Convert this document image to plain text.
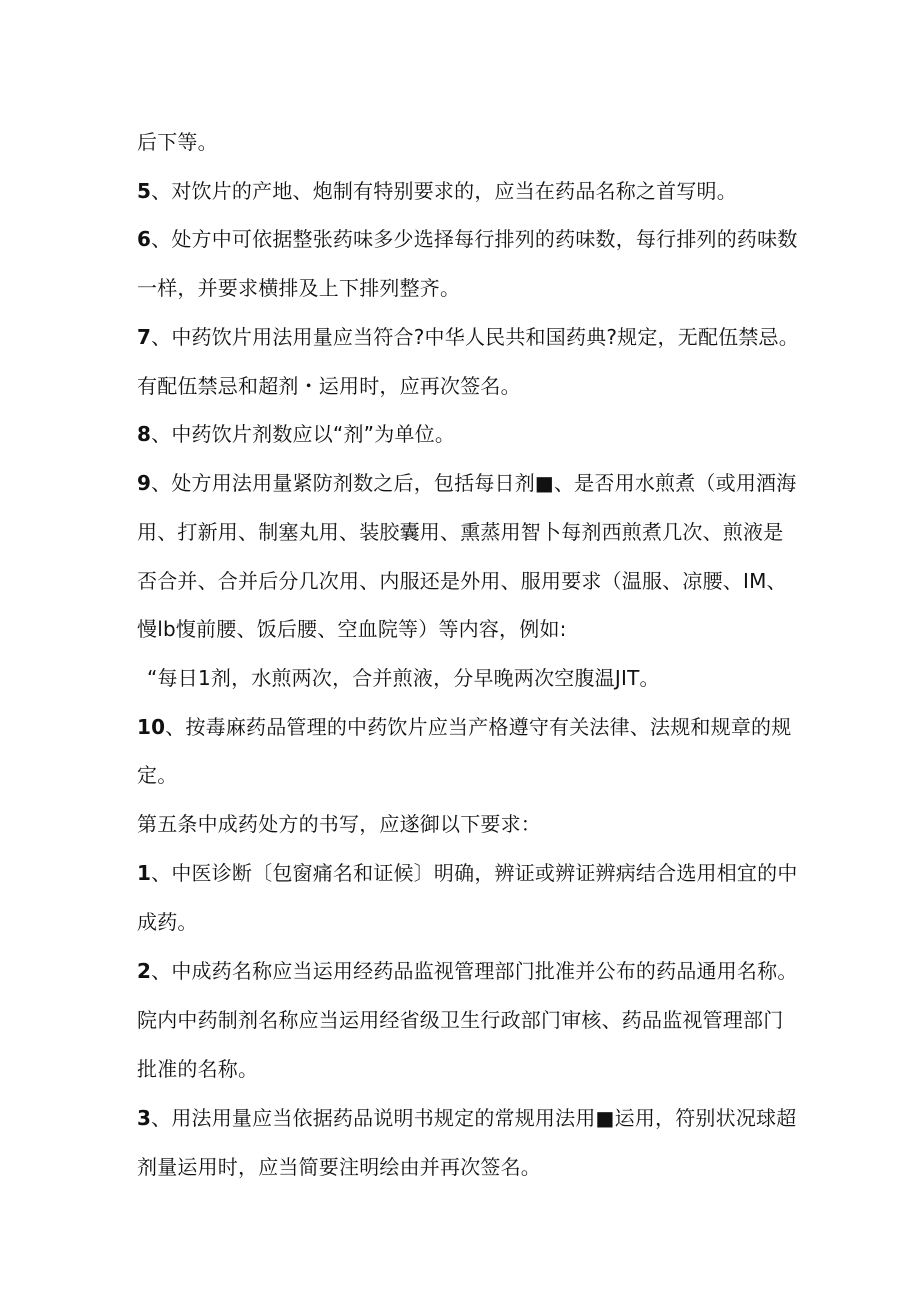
后下等。
5、对饮片的产地、炮制有特别要求的，应当在药品名称之首写明。
6、处方中可依据整张药味多少选择每行排列的药味数，每行排列的药味数
一样，并要求横排及上下排列整齐。
7、中药饮片用法用量应当符合?中华人民共和国药典?规定，无配伍禁忌。
有配伍禁忌和超剂・运用时，应再次签名。
8、中药饮片剂数应以“剂”为单位。
9、处方用法用量紧防剂数之后，包括每日剂■、是否用水煎煮（或用酒海
用、打新用、制塞丸用、装胶囊用、熏蒸用智卜每剂西煎煮几次、煎液是
否合并、合并后分几次用、内服还是外用、服用要求（温服、凉腰、IM、
慢lb愎前腰、饭后腰、空血院等）等内容，例如:
“每日1剂，水煎两次，合并煎液，分早晚两次空腹温JIT。
10、按毒麻药品管理的中药饮片应当产格遵守有关法律、法规和规章的规
定。
第五条中成药处方的书写，应遂御以下要求：
1、中医诊断〔包窗痛名和证候〕明确，辨证或辨证辨病结合选用相宜的中
成药。
2、中成药名称应当运用经药品监视管理部门批准并公布的药品通用名称。
院内中药制剂名称应当运用经省级卫生行政部门审核、药品监视管理部门
批准的名称。
3、用法用量应当依据药品说明书规定的常规用法用■运用，符别状况球超
剂量运用时，应当简要注明绘由并再次签名。
